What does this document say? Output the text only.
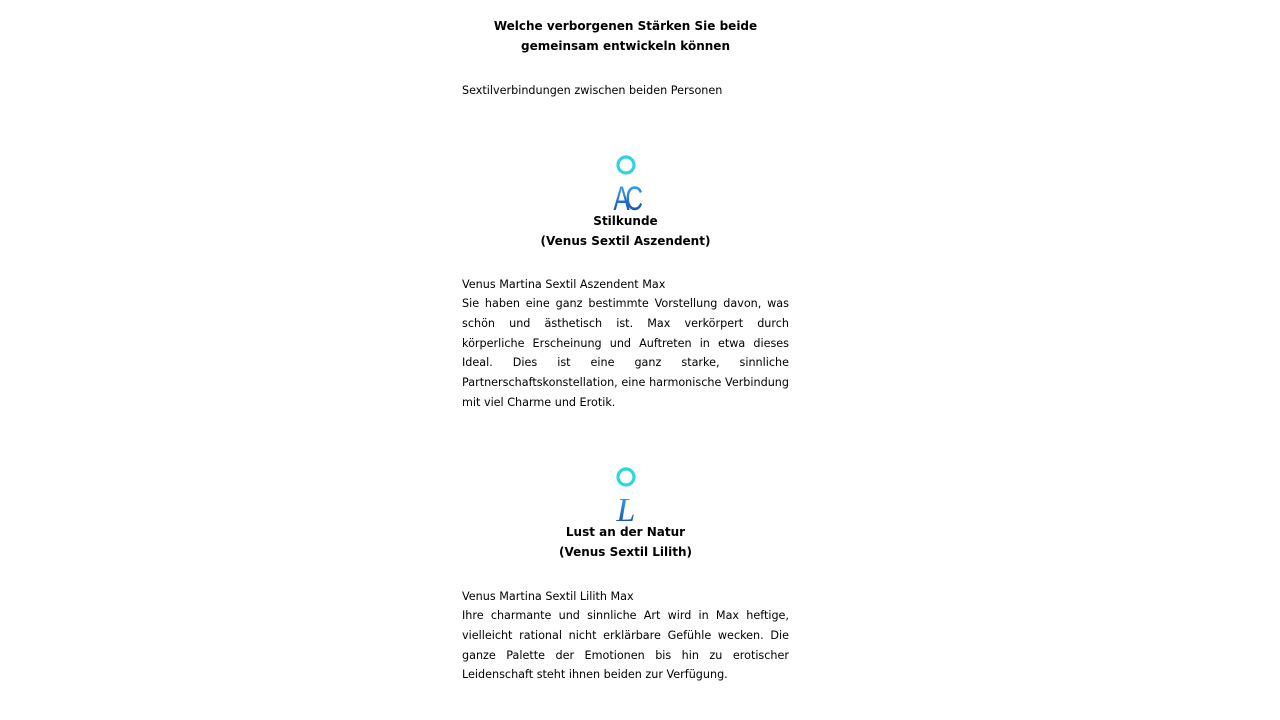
Welche verborgenen Stärken Sie beide
gemeinsam entwickeln können
Sextilverbindungen zwischen beiden Personen
AC
Stilkunde
(Venus Sextil Aszendent)
Venus Martina Sextil Aszendent Max
Sie haben eine ganz bestimmte Vorstellung davon, was schön und ästhetisch ist. Max verkörpert durch körperliche Erscheinung und Auftreten in etwa dieses Ideal. Dies ist eine ganz starke, sinnliche Partnerschaftskonstellation, eine harmonische Verbindung mit viel Charme und Erotik.
L
Lust an der Natur
(Venus Sextil Lilith)
Venus Martina Sextil Lilith Max
Ihre charmante und sinnliche Art wird in Max heftige, vielleicht rational nicht erklärbare Gefühle wecken. Die ganze Palette der Emotionen bis hin zu erotischer Leidenschaft steht ihnen beiden zur Verfügung.
